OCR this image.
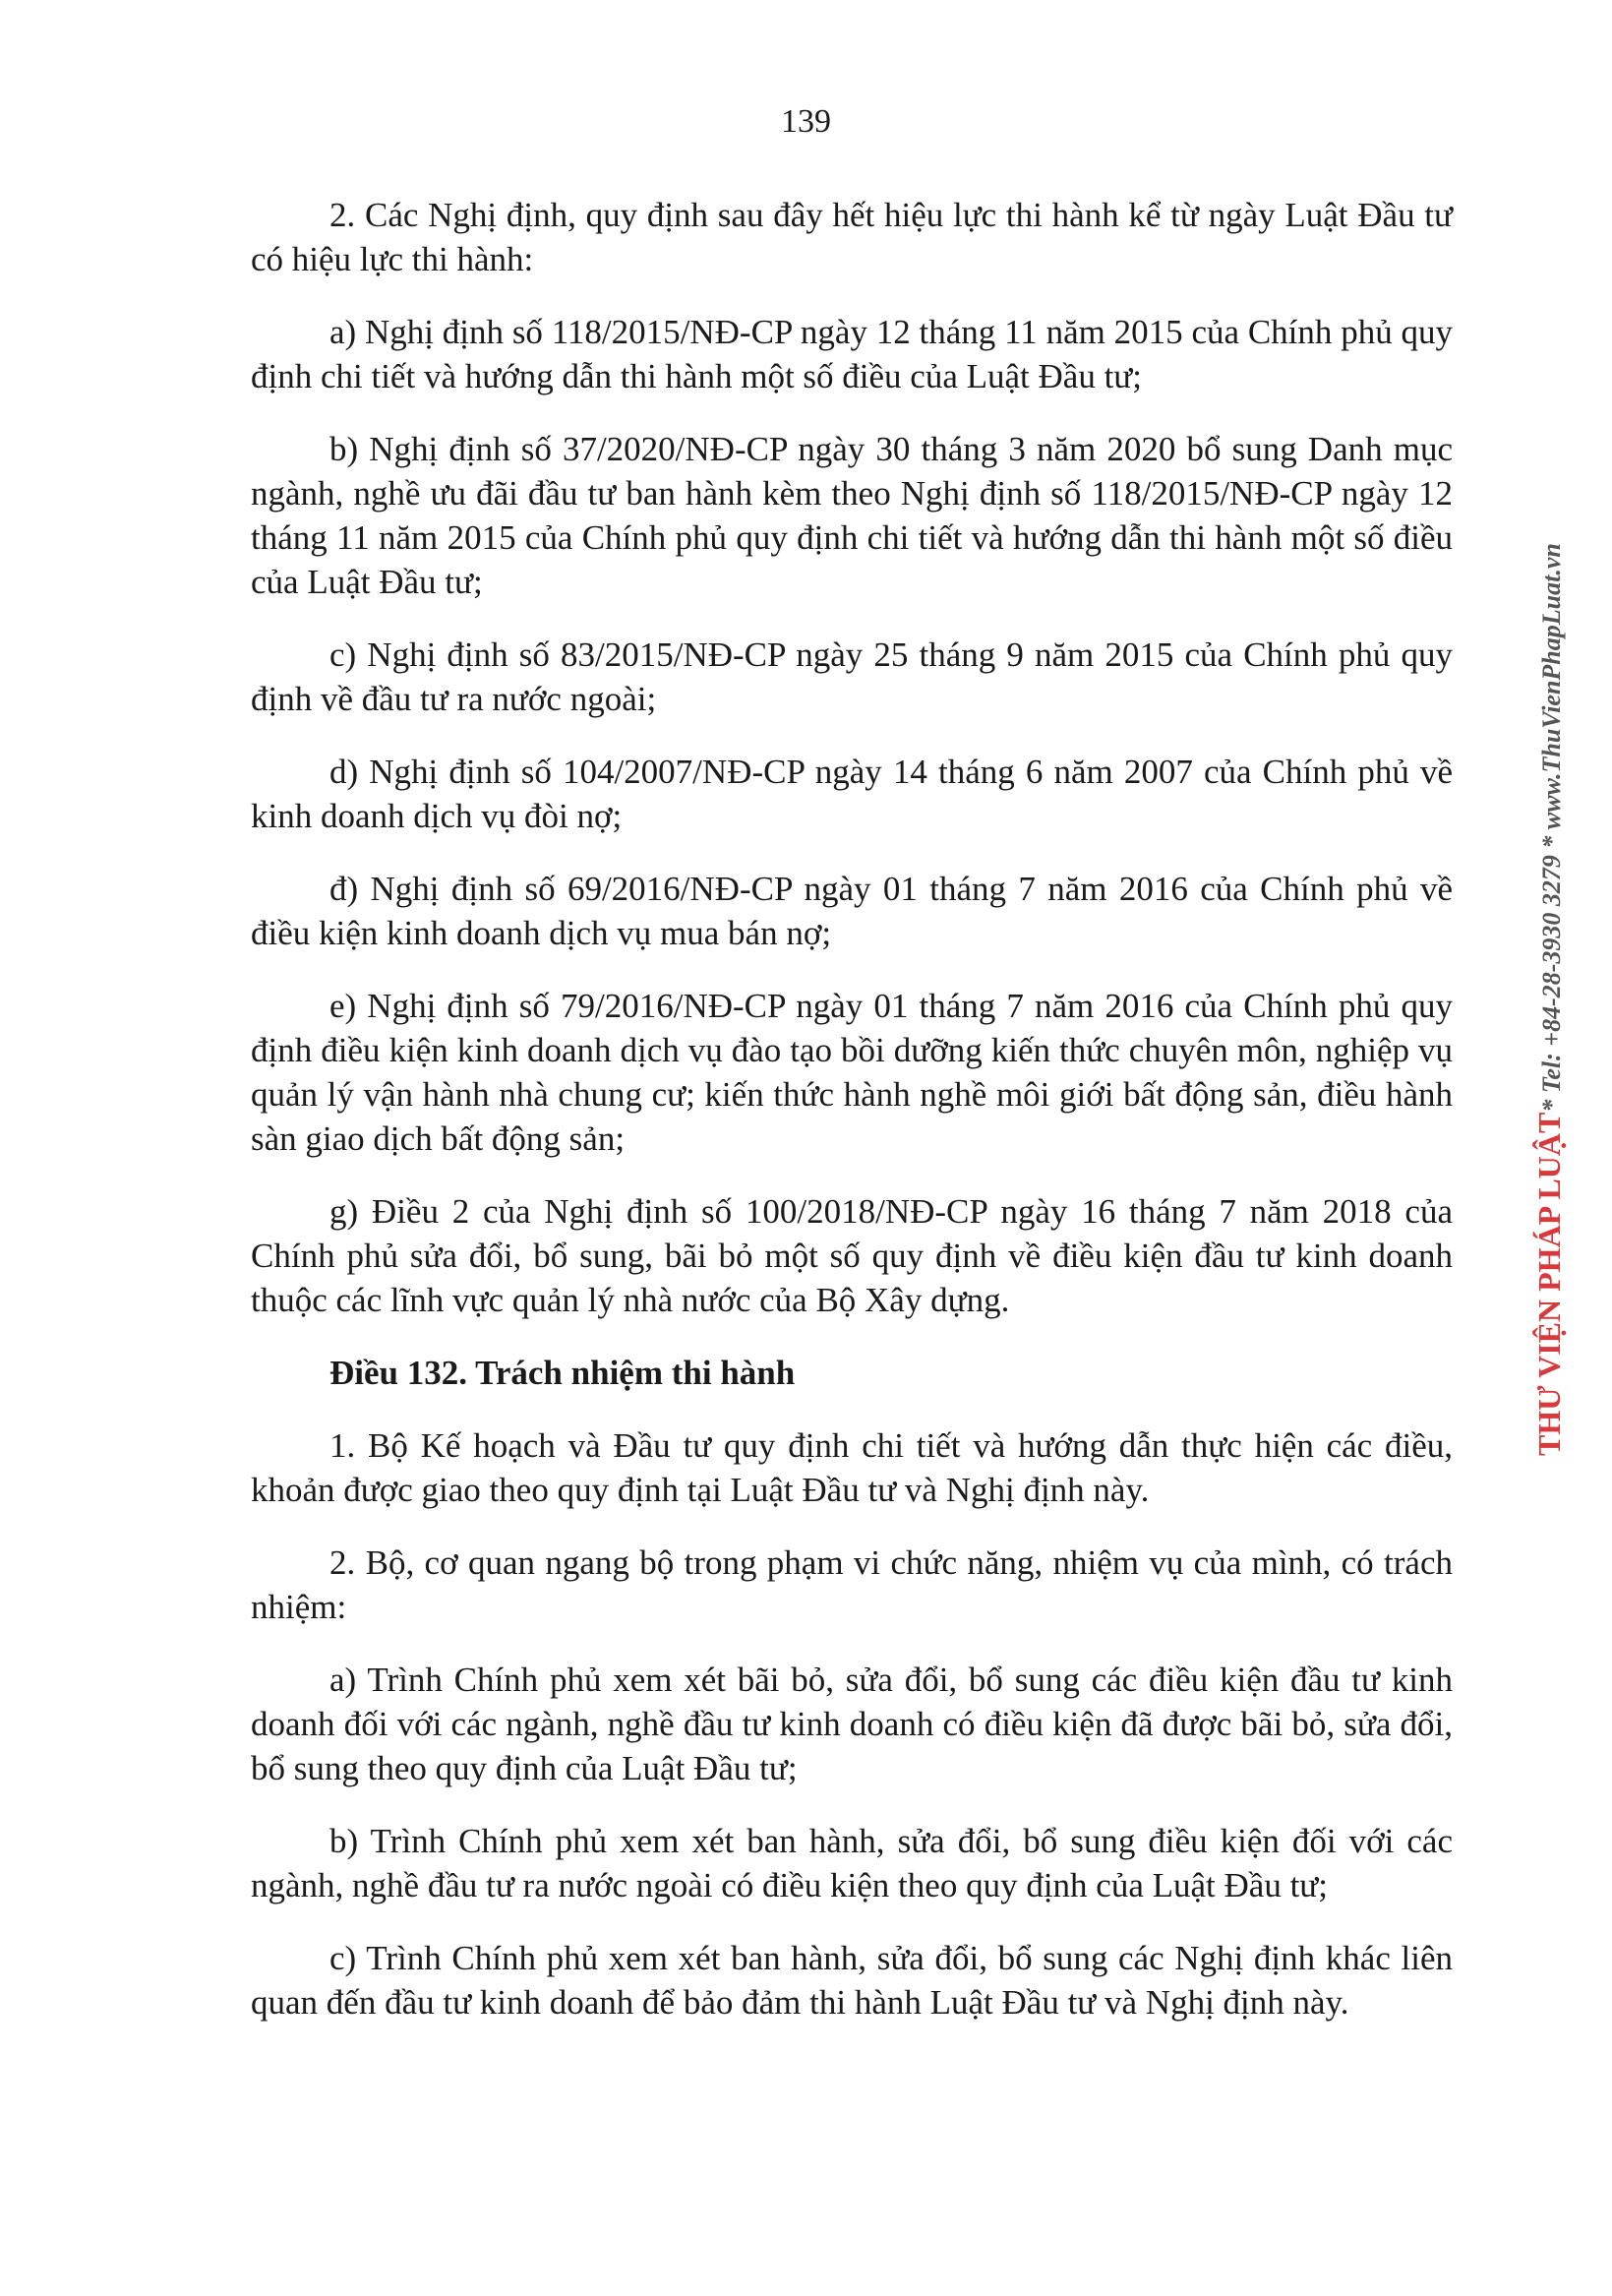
139

2. Các Nghị định, quy định sau đây hết hiệu lực thi hành kể từ ngày Luật Đầu tư có hiệu lực thi hành:

a) Nghị định số 118/2015/NĐ-CP ngày 12 tháng 11 năm 2015 của Chính phủ quy định chi tiết và hướng dẫn thi hành một số điều của Luật Đầu tư;

b) Nghị định số 37/2020/NĐ-CP ngày 30 tháng 3 năm 2020 bổ sung Danh mục ngành, nghề ưu đãi đầu tư ban hành kèm theo Nghị định số 118/2015/NĐ-CP ngày 12 tháng 11 năm 2015 của Chính phủ quy định chi tiết và hướng dẫn thi hành một số điều của Luật Đầu tư;

c) Nghị định số 83/2015/NĐ-CP ngày 25 tháng 9 năm 2015 của Chính phủ quy định về đầu tư ra nước ngoài;

d) Nghị định số 104/2007/NĐ-CP ngày 14 tháng 6 năm 2007 của Chính phủ về kinh doanh dịch vụ đòi nợ;

đ) Nghị định số 69/2016/NĐ-CP ngày 01 tháng 7 năm 2016 của Chính phủ về điều kiện kinh doanh dịch vụ mua bán nợ;

e) Nghị định số 79/2016/NĐ-CP ngày 01 tháng 7 năm 2016 của Chính phủ quy định điều kiện kinh doanh dịch vụ đào tạo bồi dưỡng kiến thức chuyên môn, nghiệp vụ quản lý vận hành nhà chung cư; kiến thức hành nghề môi giới bất động sản, điều hành sàn giao dịch bất động sản;

g) Điều 2 của Nghị định số 100/2018/NĐ-CP ngày 16 tháng 7 năm 2018 của Chính phủ sửa đổi, bổ sung, bãi bỏ một số quy định về điều kiện đầu tư kinh doanh thuộc các lĩnh vực quản lý nhà nước của Bộ Xây dựng.

Điều 132. Trách nhiệm thi hành

1. Bộ Kế hoạch và Đầu tư quy định chi tiết và hướng dẫn thực hiện các điều, khoản được giao theo quy định tại Luật Đầu tư và Nghị định này.

2. Bộ, cơ quan ngang bộ trong phạm vi chức năng, nhiệm vụ của mình, có trách nhiệm:

a) Trình Chính phủ xem xét bãi bỏ, sửa đổi, bổ sung các điều kiện đầu tư kinh doanh đối với các ngành, nghề đầu tư kinh doanh có điều kiện đã được bãi bỏ, sửa đổi, bổ sung theo quy định của Luật Đầu tư;

b) Trình Chính phủ xem xét ban hành, sửa đổi, bổ sung điều kiện đối với các ngành, nghề đầu tư ra nước ngoài có điều kiện theo quy định của Luật Đầu tư;

c) Trình Chính phủ xem xét ban hành, sửa đổi, bổ sung các Nghị định khác liên quan đến đầu tư kinh doanh để bảo đảm thi hành Luật Đầu tư và Nghị định này.

THƯ VIỆN PHÁP LUẬT* Tel: +84-28-3930 3279 * www.ThuVienPhapLuat.vn
